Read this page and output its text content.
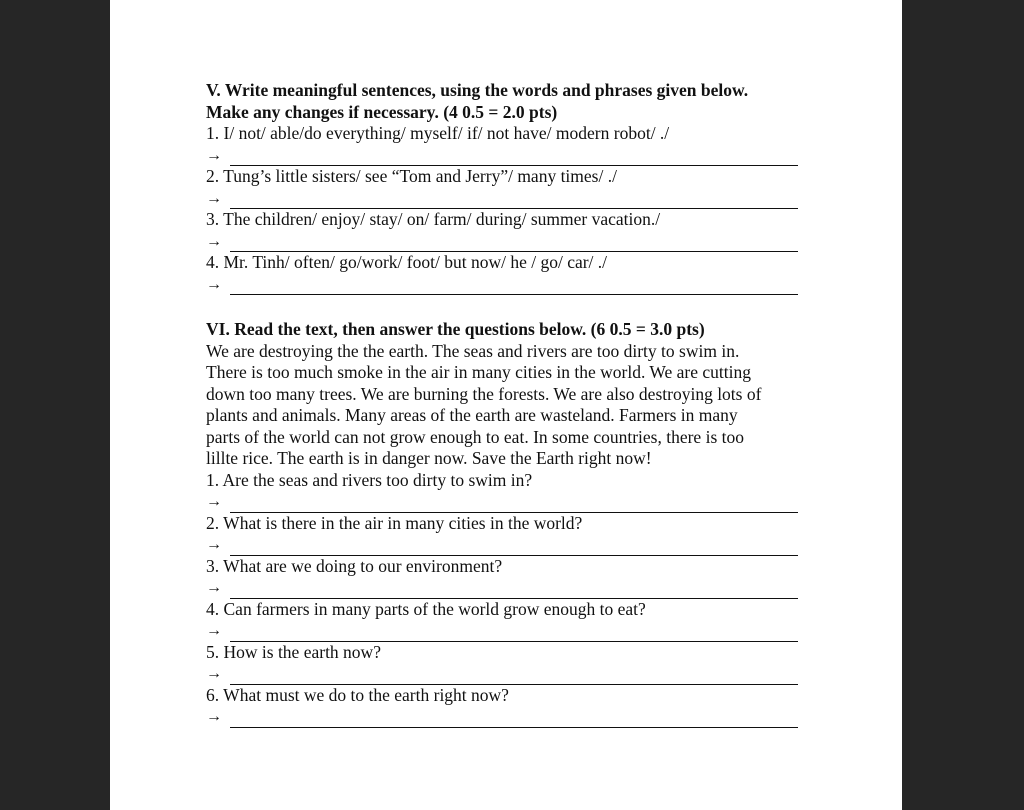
V. Write meaningful sentences, using the words and phrases given below.

Make any changes if necessary. (4 0.5 = 2.0 pts)

1. I/ not/ able/do everything/ myself/ if/ not have/ modern robot/ ./

→

2. Tung’s little sisters/ see “Tom and Jerry”/ many times/ ./

→

3. The children/ enjoy/ stay/ on/ farm/ during/ summer vacation./

→

4. Mr. Tinh/ often/ go/work/ foot/ but now/ he / go/ car/ ./

→

VI. Read the text, then answer the questions below. (6 0.5 = 3.0 pts)

We are destroying the the earth. The seas and rivers are too dirty to swim in.

There is too much smoke in the air in many cities in the world. We are cutting

down too many trees. We are burning the forests. We are also destroying lots of

plants and animals. Many areas of the earth are wasteland. Farmers in many

parts of the world can not grow enough to eat. In some countries, there is too

lillte rice. The earth is in danger now. Save the Earth right now!

1. Are the seas and rivers too dirty to swim in?

→

2. What is there in the air in many cities in the world?

→

3. What are we doing to our environment?

→

4. Can farmers in many parts of the world grow enough to eat?

→

5. How is the earth now?

→

6. What must we do to the earth right now?

→
